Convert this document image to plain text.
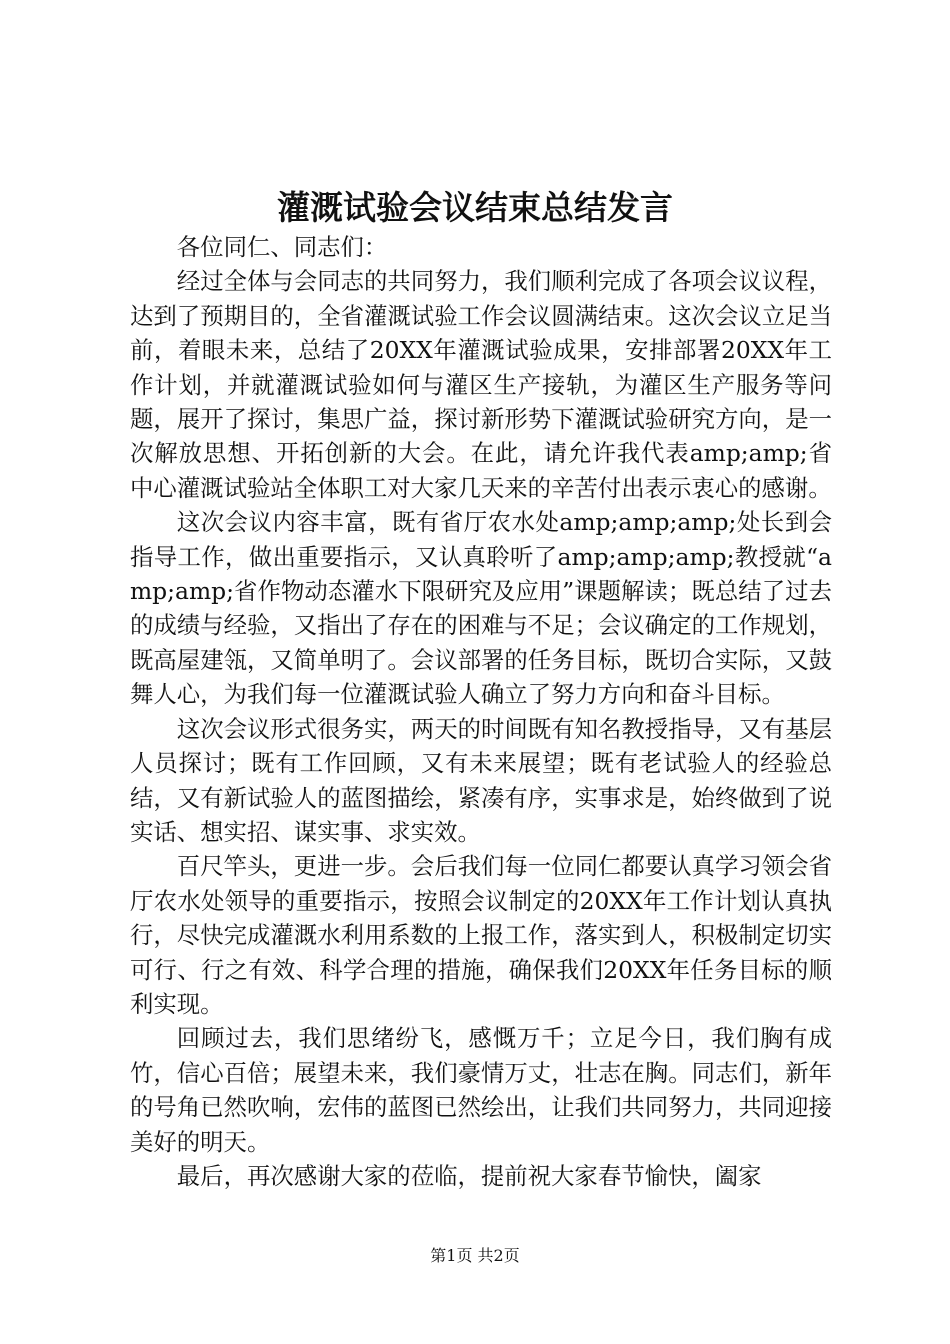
灌溉试验会议结束总结发言

各位同仁、同志们：

经过全体与会同志的共同努力，我们顺利完成了各项会议议程，达到了预期目的，全省灌溉试验工作会议圆满结束。这次会议立足当前，着眼未来，总结了20XX年灌溉试验成果，安排部署20XX年工作计划，并就灌溉试验如何与灌区生产接轨，为灌区生产服务等问题，展开了探讨，集思广益，探讨新形势下灌溉试验研究方向，是一次解放思想、开拓创新的大会。在此，请允许我代表amp;amp;省中心灌溉试验站全体职工对大家几天来的辛苦付出表示衷心的感谢。

这次会议内容丰富，既有省厅农水处amp;amp;amp;处长到会指导工作，做出重要指示，又认真聆听了amp;amp;amp;教授就“amp;amp;省作物动态灌水下限研究及应用”课题解读；既总结了过去的成绩与经验，又指出了存在的困难与不足；会议确定的工作规划，既高屋建瓴，又简单明了。会议部署的任务目标，既切合实际，又鼓舞人心，为我们每一位灌溉试验人确立了努力方向和奋斗目标。

这次会议形式很务实，两天的时间既有知名教授指导，又有基层人员探讨；既有工作回顾，又有未来展望；既有老试验人的经验总结，又有新试验人的蓝图描绘，紧凑有序，实事求是，始终做到了说实话、想实招、谋实事、求实效。

百尺竿头，更进一步。会后我们每一位同仁都要认真学习领会省厅农水处领导的重要指示，按照会议制定的20XX年工作计划认真执行，尽快完成灌溉水利用系数的上报工作，落实到人，积极制定切实可行、行之有效、科学合理的措施，确保我们20XX年任务目标的顺利实现。

回顾过去，我们思绪纷飞，感慨万千；立足今日，我们胸有成竹，信心百倍；展望未来，我们豪情万丈，壮志在胸。同志们，新年的号角已然吹响，宏伟的蓝图已然绘出，让我们共同努力，共同迎接美好的明天。

最后，再次感谢大家的莅临，提前祝大家春节愉快，阖家

第1页 共2页
